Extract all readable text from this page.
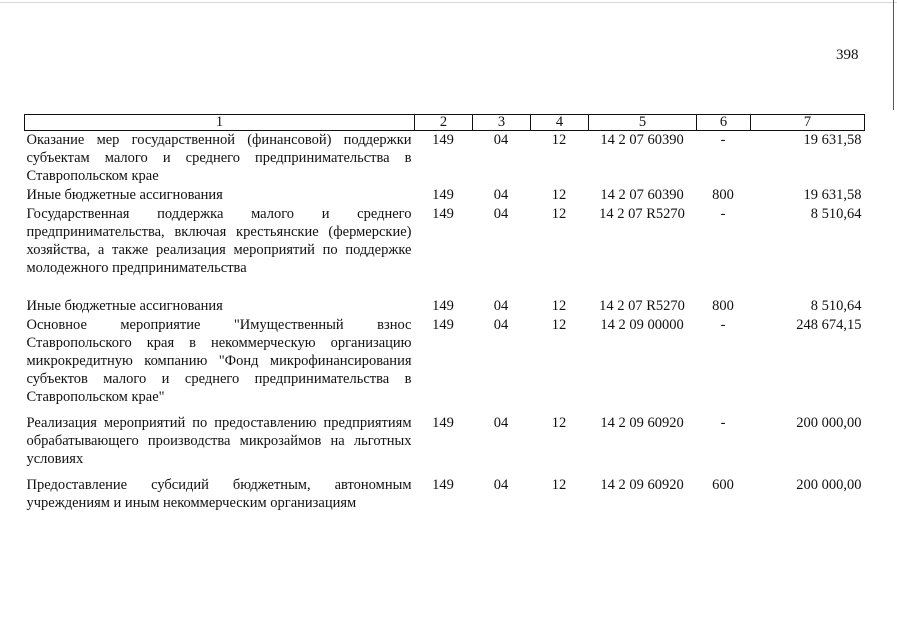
398
1	2	3	4	5	6	7
Оказание мер государственной (финансовой) поддержки субъектам малого и среднего предпринимательства в Ставропольском крае	149	04	12	14 2 07 60390	-	19 631,58
Иные бюджетные ассигнования	149	04	12	14 2 07 60390	800	19 631,58
Государственная поддержка малого и среднего предпринимательства, включая крестьянские (фермерские) хозяйства, а также реализация мероприятий по поддержке молодежного предпринимательства	149	04	12	14 2 07 R5270	-	8 510,64
Иные бюджетные ассигнования	149	04	12	14 2 07 R5270	800	8 510,64
Основное мероприятие "Имущественный взнос Ставропольского края в некоммерческую организацию микрокредитную компанию "Фонд микрофинансирования субъектов малого и среднего предпринимательства в Ставропольском крае"	149	04	12	14 2 09 00000	-	248 674,15
Реализация мероприятий по предоставлению предприятиям обрабатывающего производства микрозаймов на льготных условиях	149	04	12	14 2 09 60920	-	200 000,00
Предоставление субсидий бюджетным, автономным учреждениям и иным некоммерческим организациям	149	04	12	14 2 09 60920	600	200 000,00
